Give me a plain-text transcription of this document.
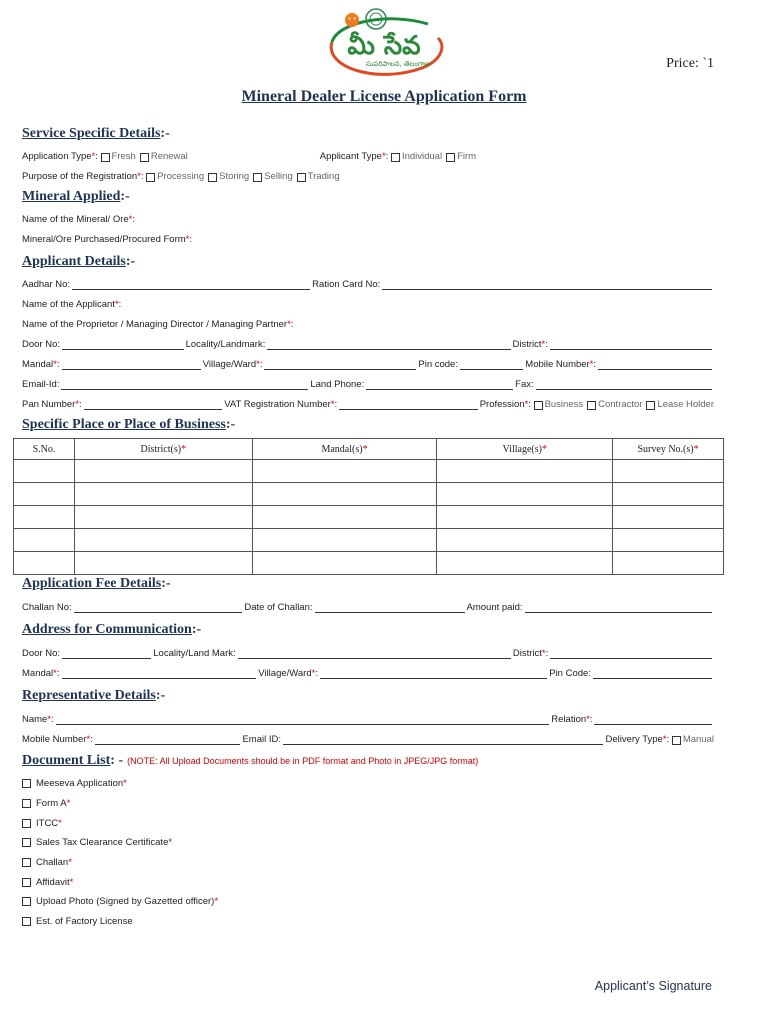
మీ సేవ
సుపరిపాలన, తెలంగాణ	Price: `1
Mineral Dealer License Application Form
Service Specific Details:-
Application Type * : Fresh Renewal	Applicant Type * : Individual Firm
Purpose of the Registration * : Processing Storing Selling Trading
Mineral Applied:-
Name of the Mineral/ Ore * :
Mineral/Ore Purchased/Procured Form * :
Applicant Details:-
Aadhar No:	Ration Card No:
Name of the Applicant * :
Name of the Proprietor / Managing Director / Managing Partner * :
Door No:	Locality/Landmark:	District * :
Mandal * :	Village/Ward * :	Pin code:	Mobile Number * :
Email-Id:	Land Phone:	Fax:
Pan Number * :	VAT Registration Number * :	Profession * : Business Contractor Lease Holder
Specific Place or Place of Business:-
S.No.	District(s)*	Mandal(s)*	Village(s)*	Survey No.(s)*

Application Fee Details:-
Challan No:	Date of Challan:	Amount paid:
Address for Communication:-
Door No:	Locality/Land Mark:	District * :
Mandal * :	Village/Ward * :	Pin Code:
Representative Details:-
Name * :	Relation * :
Mobile Number * :	Email ID:	Delivery Type * : Manual
Document List: - (NOTE: All Upload Documents should be in PDF format and Photo in JPEG/JPG format)
Meeseva Application *
Form A *
ITCC *
Sales Tax Clearance Certificate *
Challan *
Affidavit *
Upload Photo (Signed by Gazetted officer) *
Est. of Factory License
Applicant’s Signature
